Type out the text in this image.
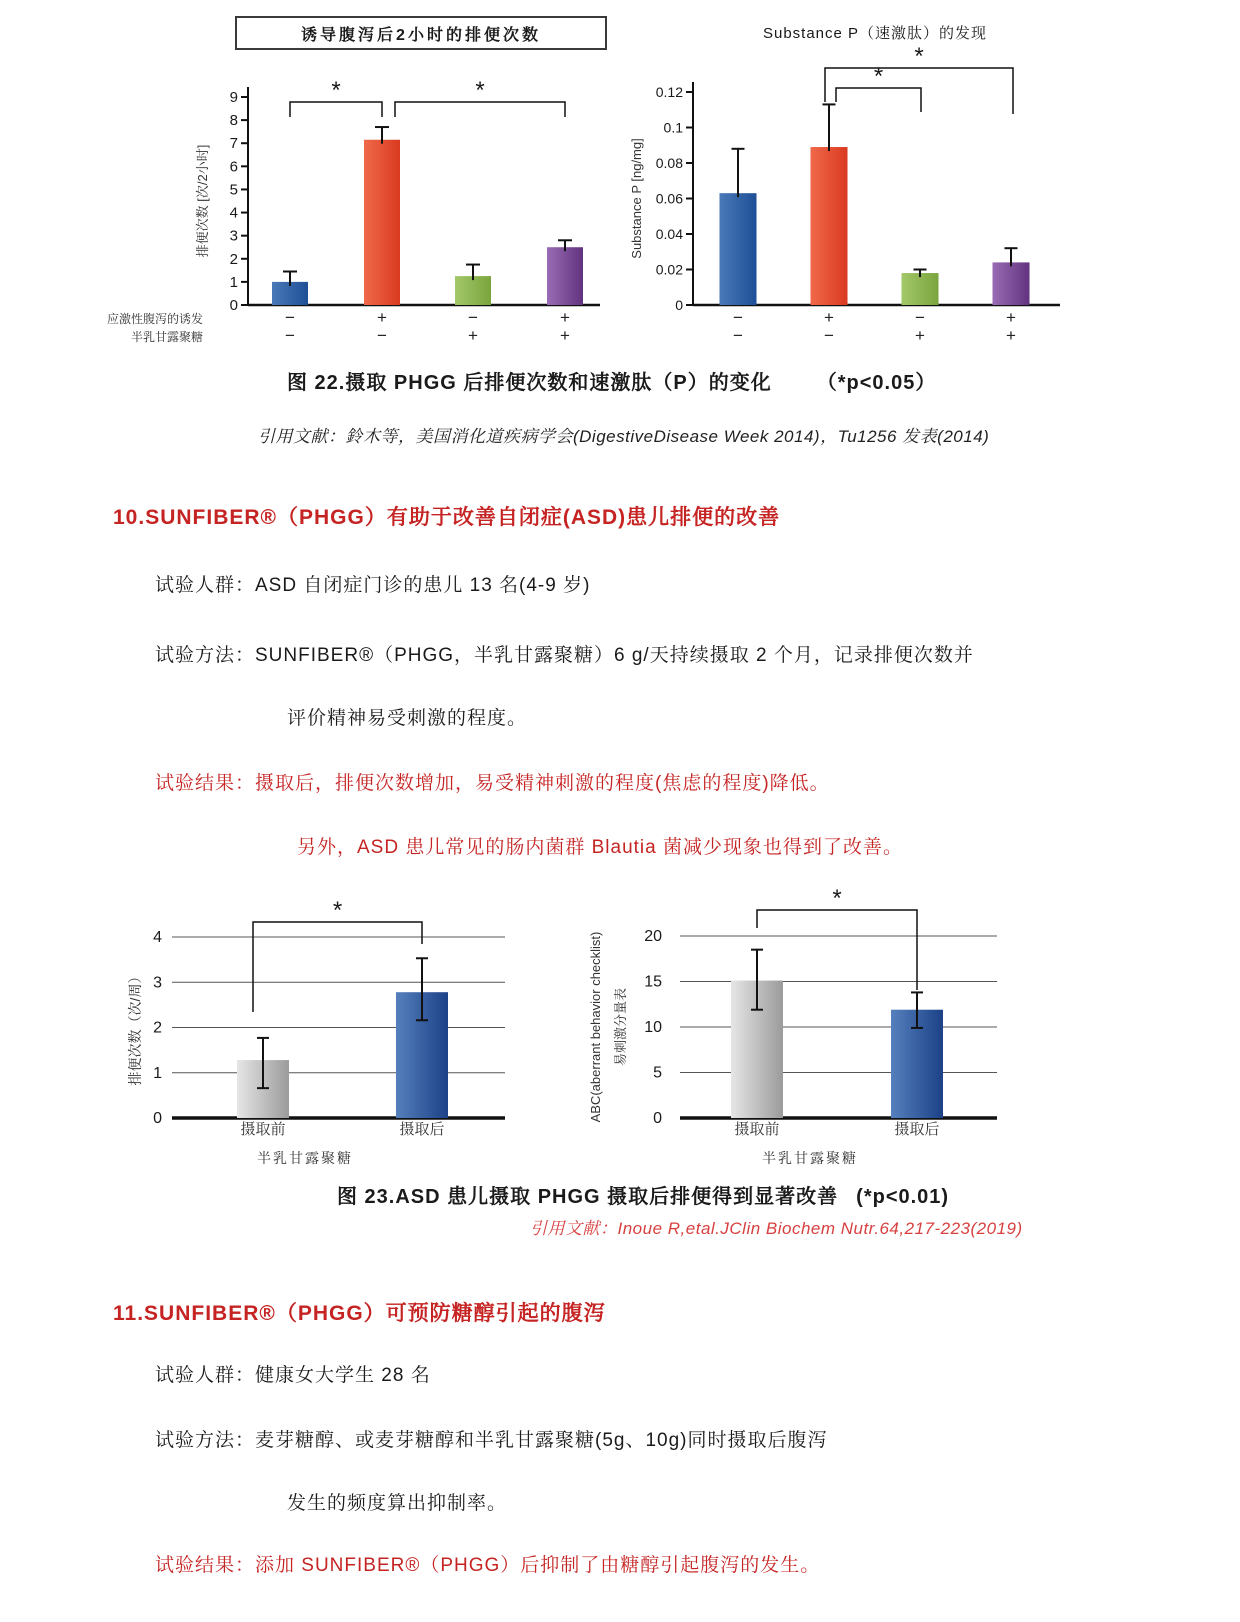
诱导腹泻后2小时的排便次数	Substance P（速激肽）的发现
0
1
2
3
4
5
6
7
8
9
应激性腹泻的诱发	−	+	−	+
半乳甘露聚糖	−	−	+	+
排便次数 [次/2小时]
*	*
0
0.02
0.04
0.06
0.08
0.1
0.12
−	+	−	+
−	−	+	+
Substance P [ng/mg]
*
*
图 22.摄取 PHGG 后排便次数和速激肽（P）的变化 （*p<0.05）
引用文献：鈴木等，美国消化道疾病学会(DigestiveDisease Week 2014)，Tu1256 发表(2014)
10.SUNFIBER®（PHGG）有助于改善自闭症(ASD)患儿排便的改善
试验人群：ASD 自闭症门诊的患儿 13 名(4-9 岁)
试验方法：SUNFIBER®（PHGG，半乳甘露聚糖）6 g/天持续摄取 2 个月，记录排便次数并
评价精神易受刺激的程度。
试验结果：摄取后，排便次数增加，易受精神刺激的程度(焦虑的程度)降低。
另外，ASD 患儿常见的肠内菌群 Blautia 菌减少现象也得到了改善。
0
1
2
3
4
摄取前	摄取后
排便次数（次/周）
*
0
5
10
15
20
摄取前	摄取后
ABC(aberrant behavior checklist) 易刺激分量表
*
半乳甘露聚糖	半乳甘露聚糖
图 23.ASD 患儿摄取 PHGG 摄取后排便得到显著改善 (*p<0.01)
引用文献：Inoue R,etal.JClin Biochem Nutr.64,217-223(2019)
11.SUNFIBER®（PHGG）可预防糖醇引起的腹泻
试验人群：健康女大学生 28 名
试验方法：麦芽糖醇、或麦芽糖醇和半乳甘露聚糖(5g、10g)同时摄取后腹泻
发生的频度算出抑制率。
试验结果：添加 SUNFIBER®（PHGG）后抑制了由糖醇引起腹泻的发生。
